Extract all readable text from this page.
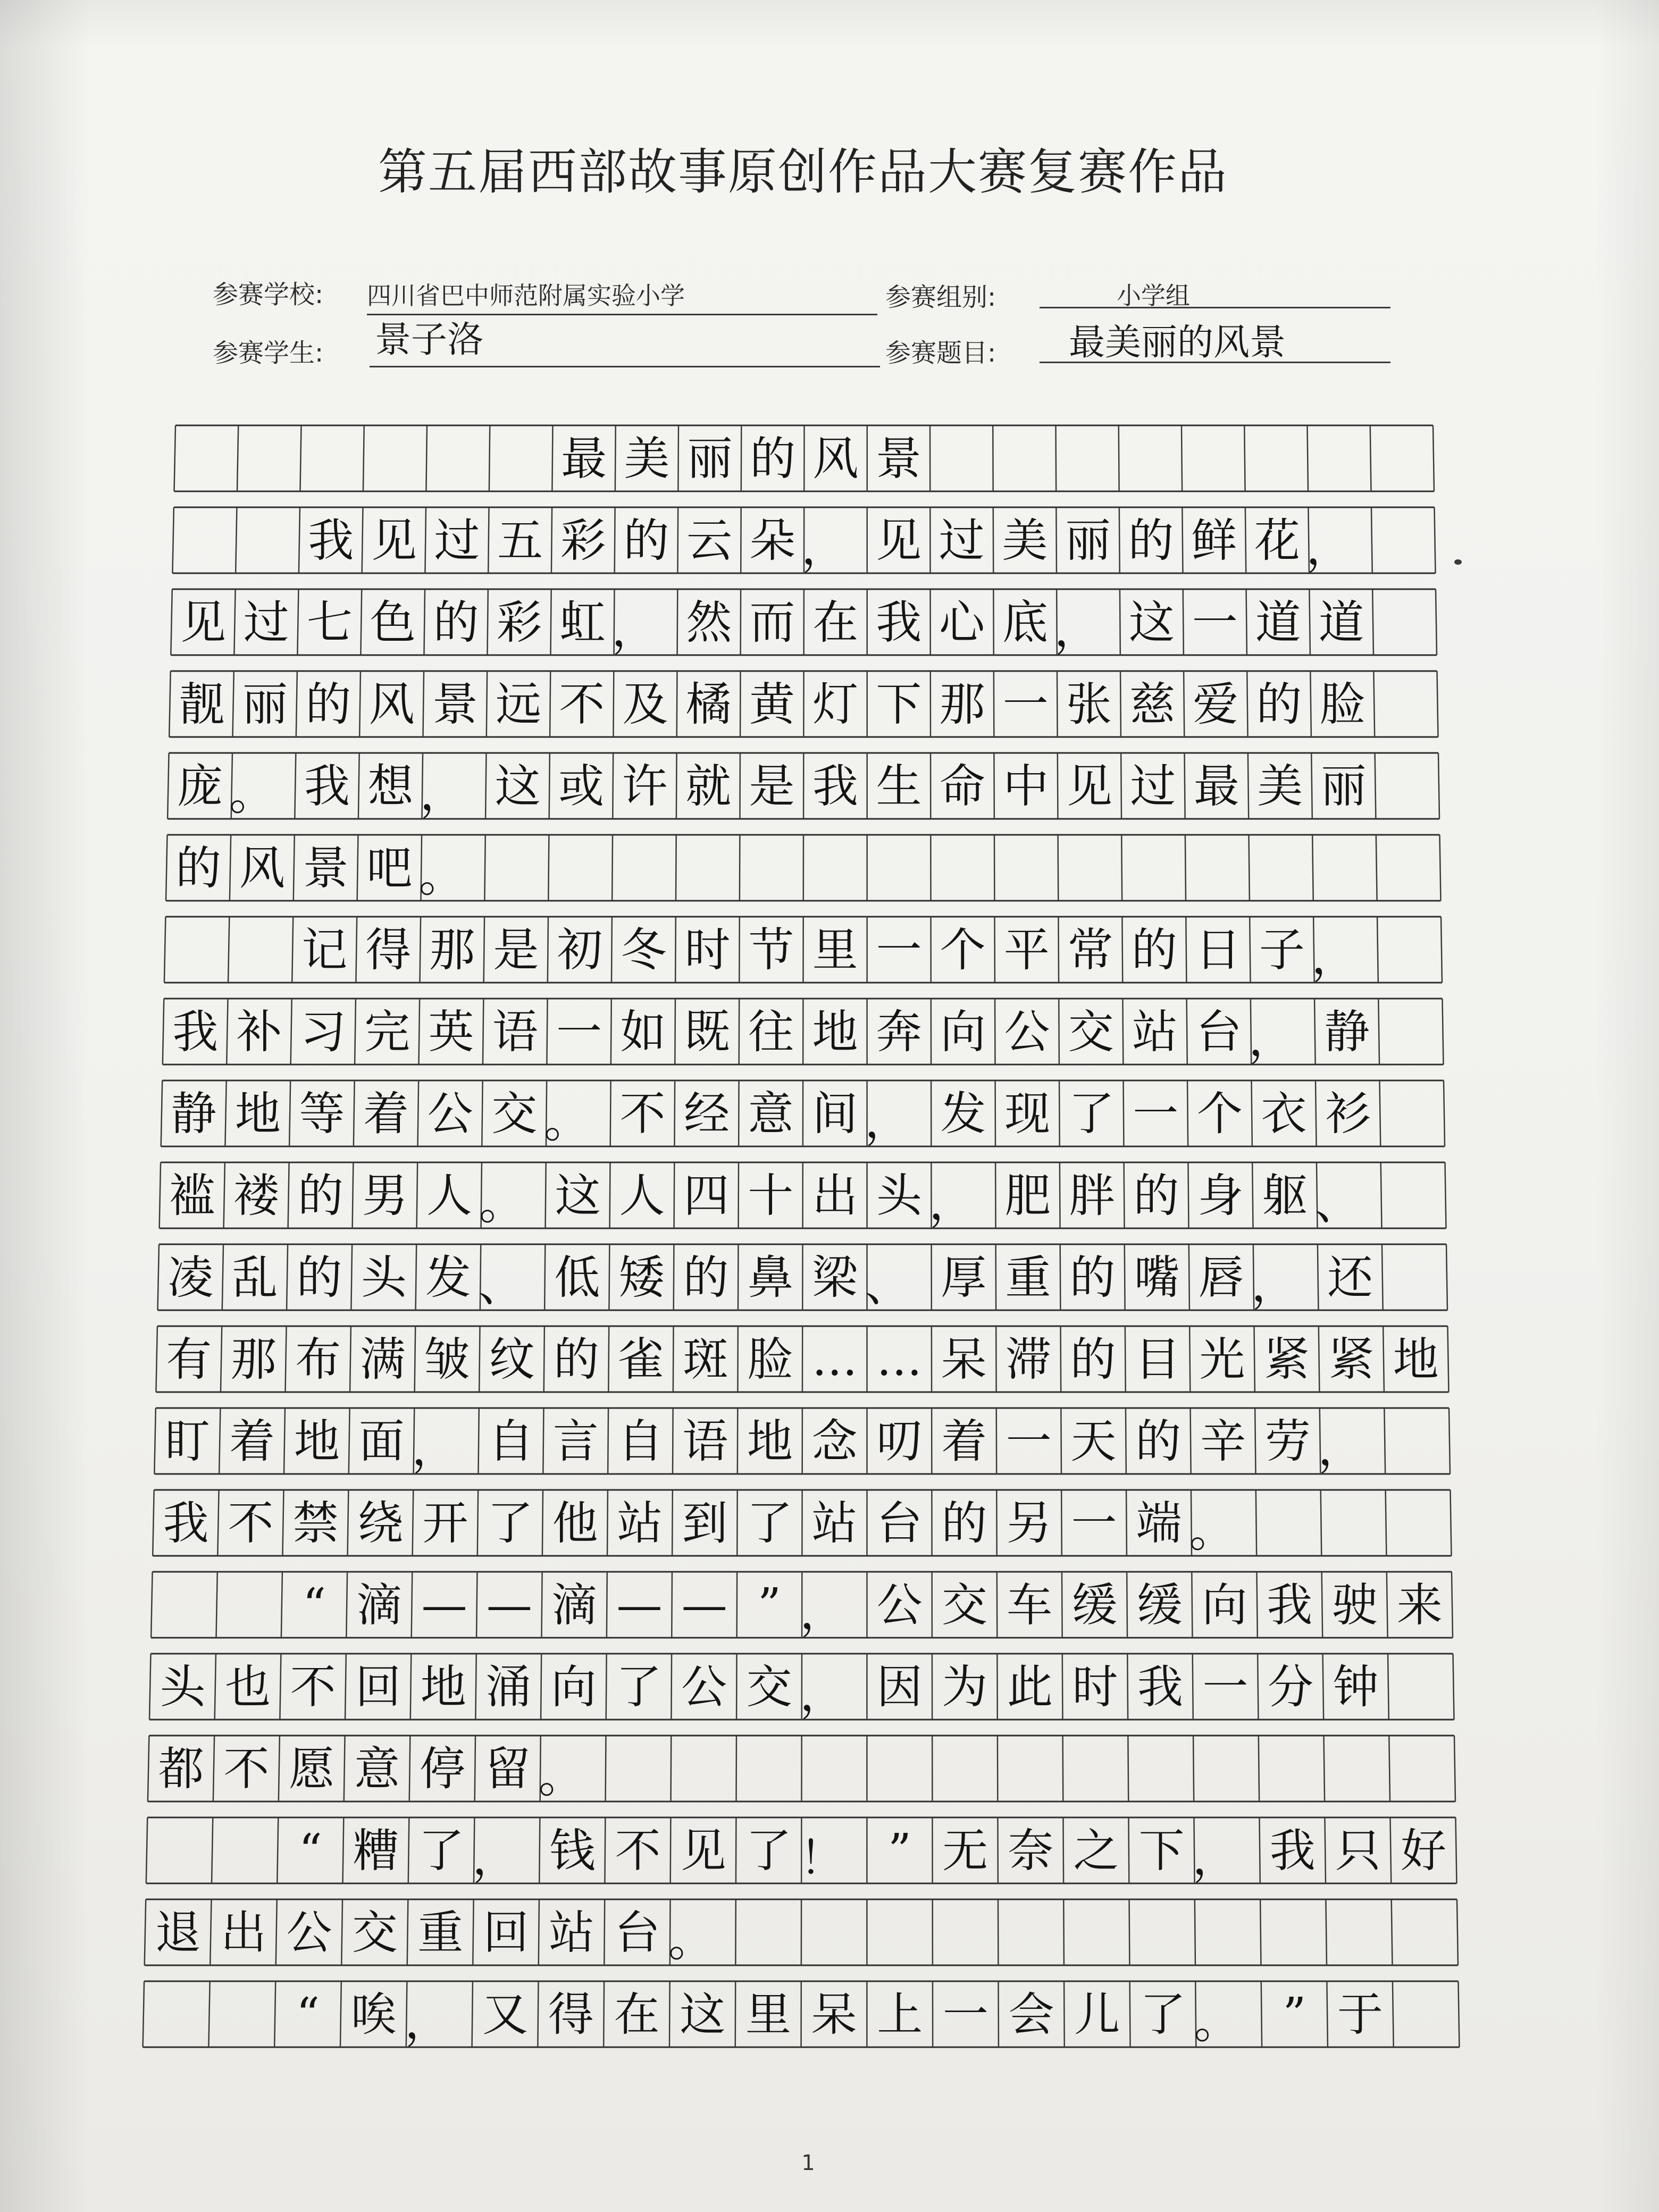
第五届西部故事原创作品大赛复赛作品
参赛学校: 四川省巴中师范附属实验小学	参赛组别:	小学组
参赛学生: 景子洛	参赛题目: 最美丽的风景
最 美 丽 的 风 景
我 见 过 五 彩 的 云 朵 ， 见 过 美 丽 的 鲜 花 ，
见 过 七 色 的 彩 虹 ， 然 而 在 我 心 底 ， 这 一 道 道
靓 丽 的 风 景 远 不 及 橘 黄 灯 下 那 一 张 慈 爱 的 脸
庞 。 我 想 ， 这 或 许 就 是 我 生 命 中 见 过 最 美 丽
的 风 景 吧 。
记 得 那 是 初 冬 时 节 里 一 个 平 常 的 日 子 ，
我 补 习 完 英 语 一 如 既 往 地 奔 向 公 交 站 台 ， 静
静 地 等 着 公 交 。 不 经 意 间 ， 发 现 了 一 个 衣 衫
褴 褛 的 男 人 。 这 人 四 十 出 头 ， 肥 胖 的 身 躯 、
凌 乱 的 头 发 、 低 矮 的 鼻 梁 、 厚 重 的 嘴 唇 ， 还
有 那 布 满 皱 纹 的 雀 斑 脸 … … 呆 滞 的 目 光 紧 紧 地
盯 着 地 面 ， 自 言 自 语 地 念 叨 着 一 天 的 辛 劳 ，
我 不 禁 绕 开 了 他 站 到 了 站 台 的 另 一 端 。
“ 滴 — — 滴 — — ” ， 公 交 车 缓 缓 向 我 驶 来
头 也 不 回 地 涌 向 了 公 交 ， 因 为 此 时 我 一 分 钟
都 不 愿 意 停 留 。
“ 糟 了 ， 钱 不 见 了 ！ ” 无 奈 之 下 ， 我 只 好
退 出 公 交 重 回 站 台 。
“ 唉 ， 又 得 在 这 里 呆 上 一 会 儿 了 。 ” 于
1
